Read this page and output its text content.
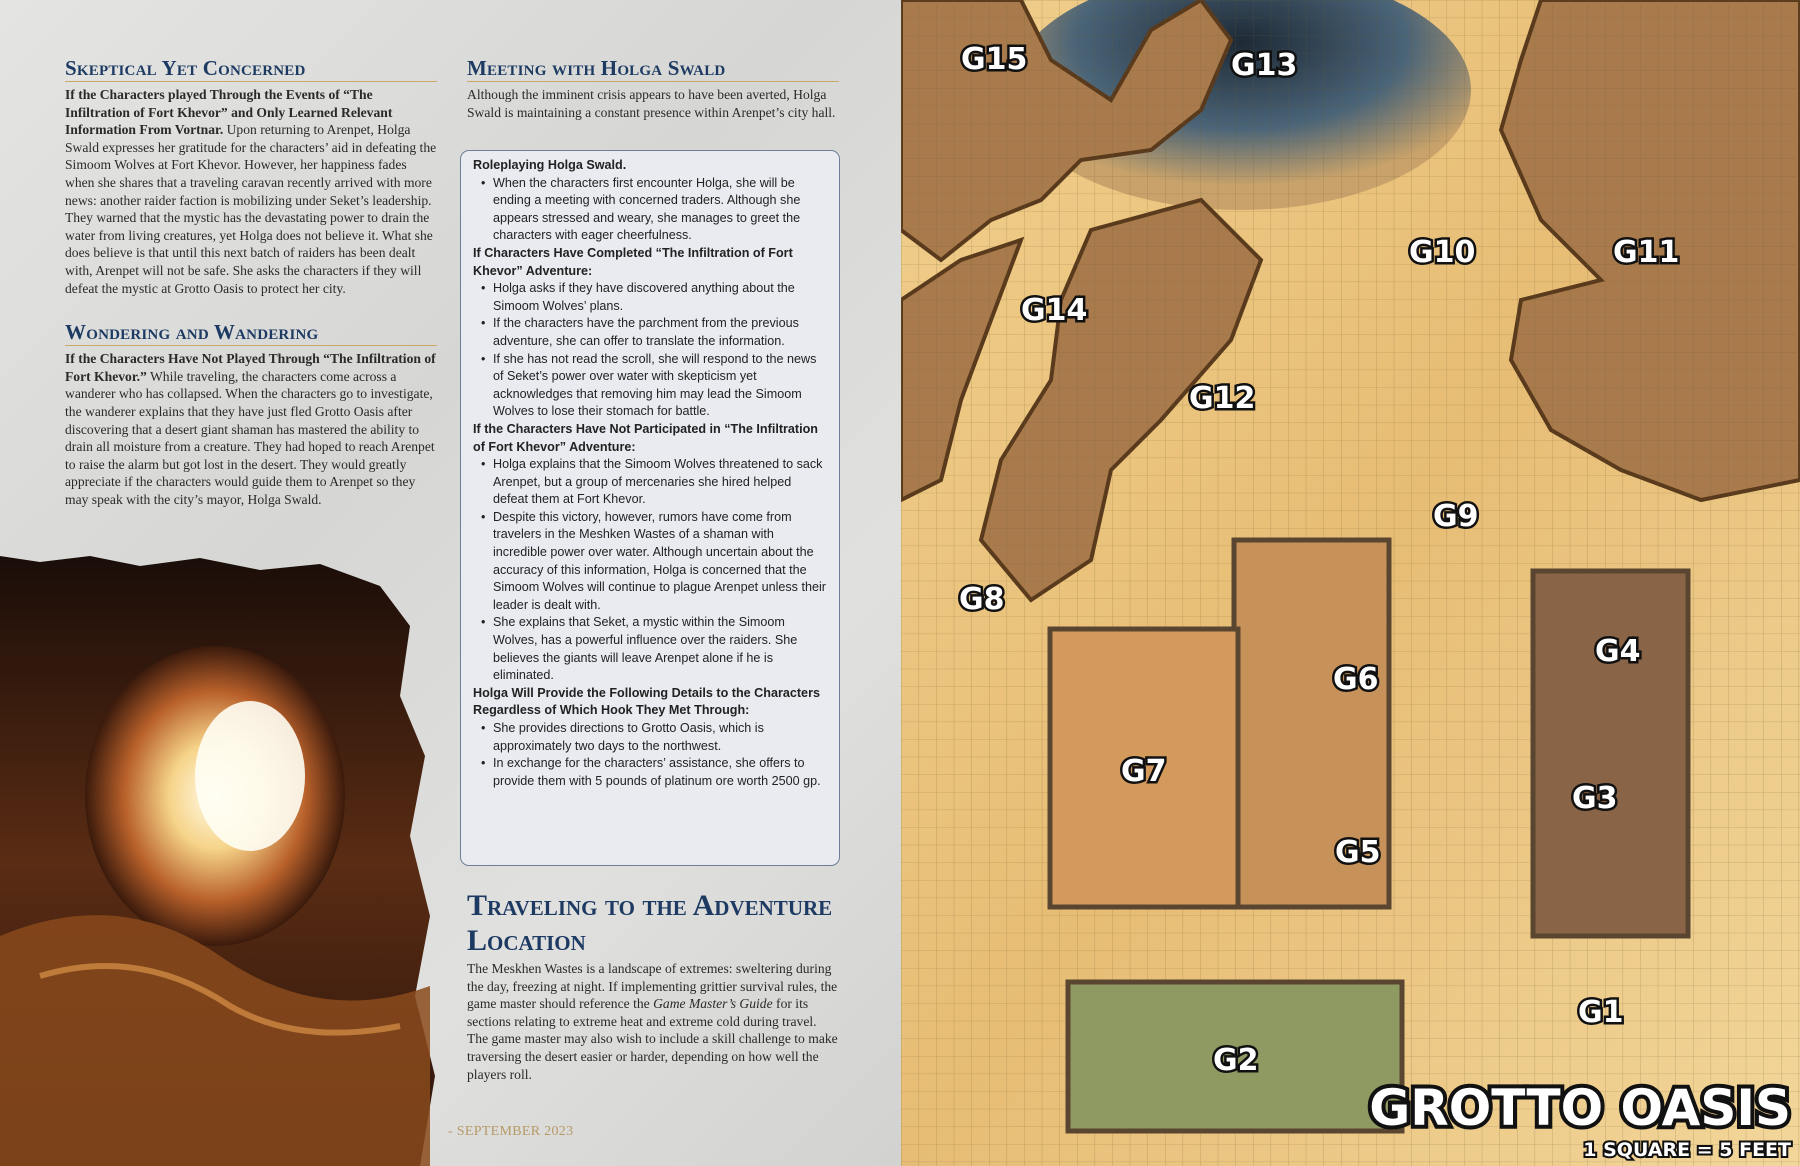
Skeptical Yet Concerned

If the Characters played Through the Events of “The Infiltration of Fort Khevor” and Only Learned Relevant Information From Vortnar. Upon returning to Arenpet, Holga Swald expresses her gratitude for the characters’ aid in defeating the Simoom Wolves at Fort Khevor. However, her happiness fades when she shares that a traveling caravan recently arrived with more news: another raider faction is mobilizing under Seket’s leadership. They warned that the mystic has the devastating power to drain the water from living creatures, yet Holga does not believe it. What she does believe is that until this next batch of raiders has been dealt with, Arenpet will not be safe. She asks the characters if they will defeat the mystic at Grotto Oasis to protect her city.

Wondering and Wandering

If the Characters Have Not Played Through “The Infiltration of Fort Khevor.” While traveling, the characters come across a wanderer who has collapsed. When the characters go to investigate, the wanderer explains that they have just fled Grotto Oasis after discovering that a desert giant shaman has mastered the ability to drain all moisture from a creature. They had hoped to reach Arenpet to raise the alarm but got lost in the desert. They would greatly appreciate if the characters would guide them to Arenpet so they may speak with the city’s mayor, Holga Swald.

Meeting with Holga Swald

Although the imminent crisis appears to have been averted, Holga Swald is maintaining a constant presence within Arenpet’s city hall.

Roleplaying Holga Swald.
• When the characters first encounter Holga, she will be ending a meeting with concerned traders. Although she appears stressed and weary, she manages to greet the characters with eager cheerfulness.
If Characters Have Completed “The Infiltration of Fort Khevor” Adventure:
• Holga asks if they have discovered anything about the Simoom Wolves’ plans.
• If the characters have the parchment from the previous adventure, she can offer to translate the information.
• If she has not read the scroll, she will respond to the news of Seket’s power over water with skepticism yet acknowledges that removing him may lead the Simoom Wolves to lose their stomach for battle.
If the Characters Have Not Participated in “The Infiltration of Fort Khevor” Adventure:
• Holga explains that the Simoom Wolves threatened to sack Arenpet, but a group of mercenaries she hired helped defeat them at Fort Khevor.
• Despite this victory, however, rumors have come from travelers in the Meshken Wastes of a shaman with incredible power over water. Although uncertain about the accuracy of this information, Holga is concerned that the Simoom Wolves will continue to plague Arenpet unless their leader is dealt with.
• She explains that Seket, a mystic within the Simoom Wolves, has a powerful influence over the raiders. She believes the giants will leave Arenpet alone if he is eliminated.
Holga Will Provide the Following Details to the Characters Regardless of Which Hook They Met Through:
• She provides directions to Grotto Oasis, which is approximately two days to the northwest.
• In exchange for the characters’ assistance, she offers to provide them with 5 pounds of platinum ore worth 2500 gp.
Traveling to the Adventure Location

The Meskhen Wastes is a landscape of extremes: sweltering during the day, freezing at night. If implementing grittier survival rules, the game master should reference the Game Master’s Guide for its sections relating to extreme heat and extreme cold during travel. The game master may also wish to include a skill challenge to make traversing the desert easier or harder, depending on how well the players roll.

- SEPTEMBER 2023
G1
G2
G3
G4
G5
G6
G7
G8
G9
G10	G11
G12
G13
G14
G15
GROTTO OASIS
1 SQUARE = 5 FEET
